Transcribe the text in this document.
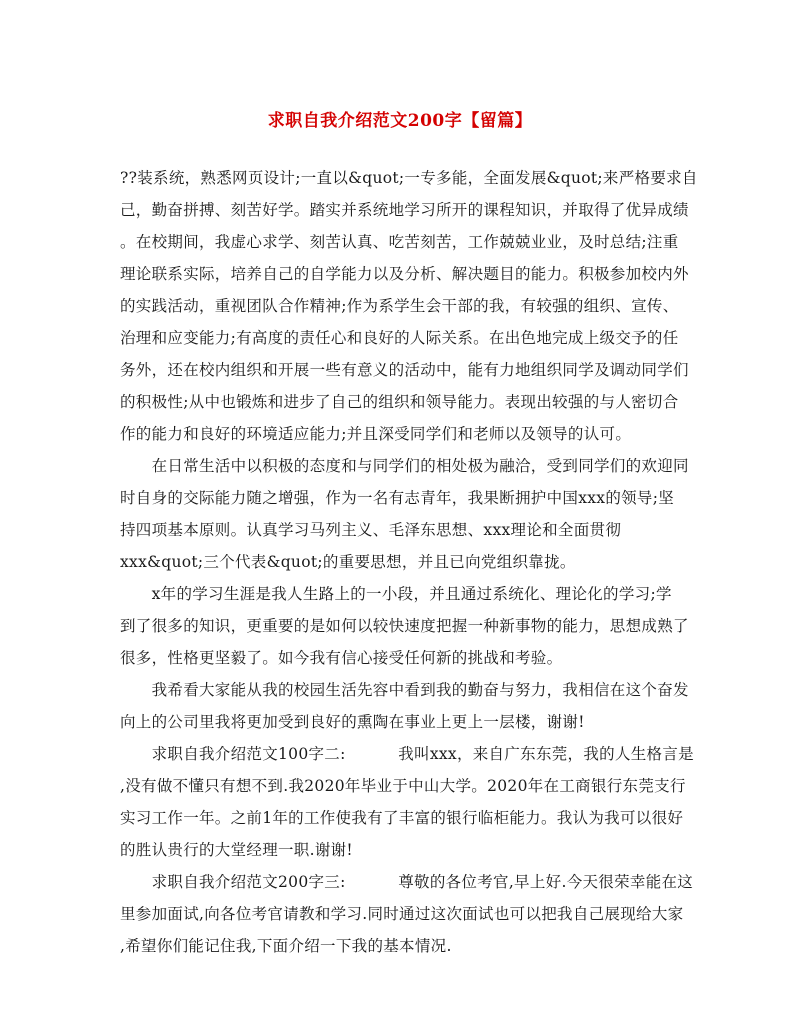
求职自我介绍范文200字【留篇】
??装系统，熟悉网页设计;一直以&quot;一专多能，全面发展&quot;来严格要求自
己，勤奋拼搏、刻苦好学。踏实并系统地学习所开的课程知识，并取得了优异成绩
。在校期间，我虚心求学、刻苦认真、吃苦刻苦，工作兢兢业业，及时总结;注重
理论联系实际，培养自己的自学能力以及分析、解决题目的能力。积极参加校内外
的实践活动，重视团队合作精神;作为系学生会干部的我，有较强的组织、宣传、
治理和应变能力;有高度的责任心和良好的人际关系。在出色地完成上级交予的任
务外，还在校内组织和开展一些有意义的活动中，能有力地组织同学及调动同学们
的积极性;从中也锻炼和进步了自己的组织和领导能力。表现出较强的与人密切合
作的能力和良好的环境适应能力;并且深受同学们和老师以及领导的认可。
　　在日常生活中以积极的态度和与同学们的相处极为融洽，受到同学们的欢迎同
时自身的交际能力随之增强，作为一名有志青年，我果断拥护中国xxx的领导;坚
持四项基本原则。认真学习马列主义、毛泽东思想、xxx理论和全面贯彻
xxx&quot;三个代表&quot;的重要思想，并且已向党组织靠拢。
　　x年的学习生涯是我人生路上的一小段，并且通过系统化、理论化的学习;学
到了很多的知识，更重要的是如何以较快速度把握一种新事物的能力，思想成熟了
很多，性格更坚毅了。如今我有信心接受任何新的挑战和考验。
　　我希看大家能从我的校园生活先容中看到我的勤奋与努力，我相信在这个奋发
向上的公司里我将更加受到良好的熏陶在事业上更上一层楼，谢谢!
　　求职自我介绍范文100字二: 　　　我叫xxx，来自广东东莞，我的人生格言是
,没有做不懂只有想不到.我2020年毕业于中山大学。2020年在工商银行东莞支行
实习工作一年。之前1年的工作使我有了丰富的银行临柜能力。我认为我可以很好
的胜认贵行的大堂经理一职.谢谢!
　　求职自我介绍范文200字三: 　　　尊敬的各位考官,早上好.今天很荣幸能在这
里参加面试,向各位考官请教和学习.同时通过这次面试也可以把我自己展现给大家
,希望你们能记住我,下面介绍一下我的基本情况.
